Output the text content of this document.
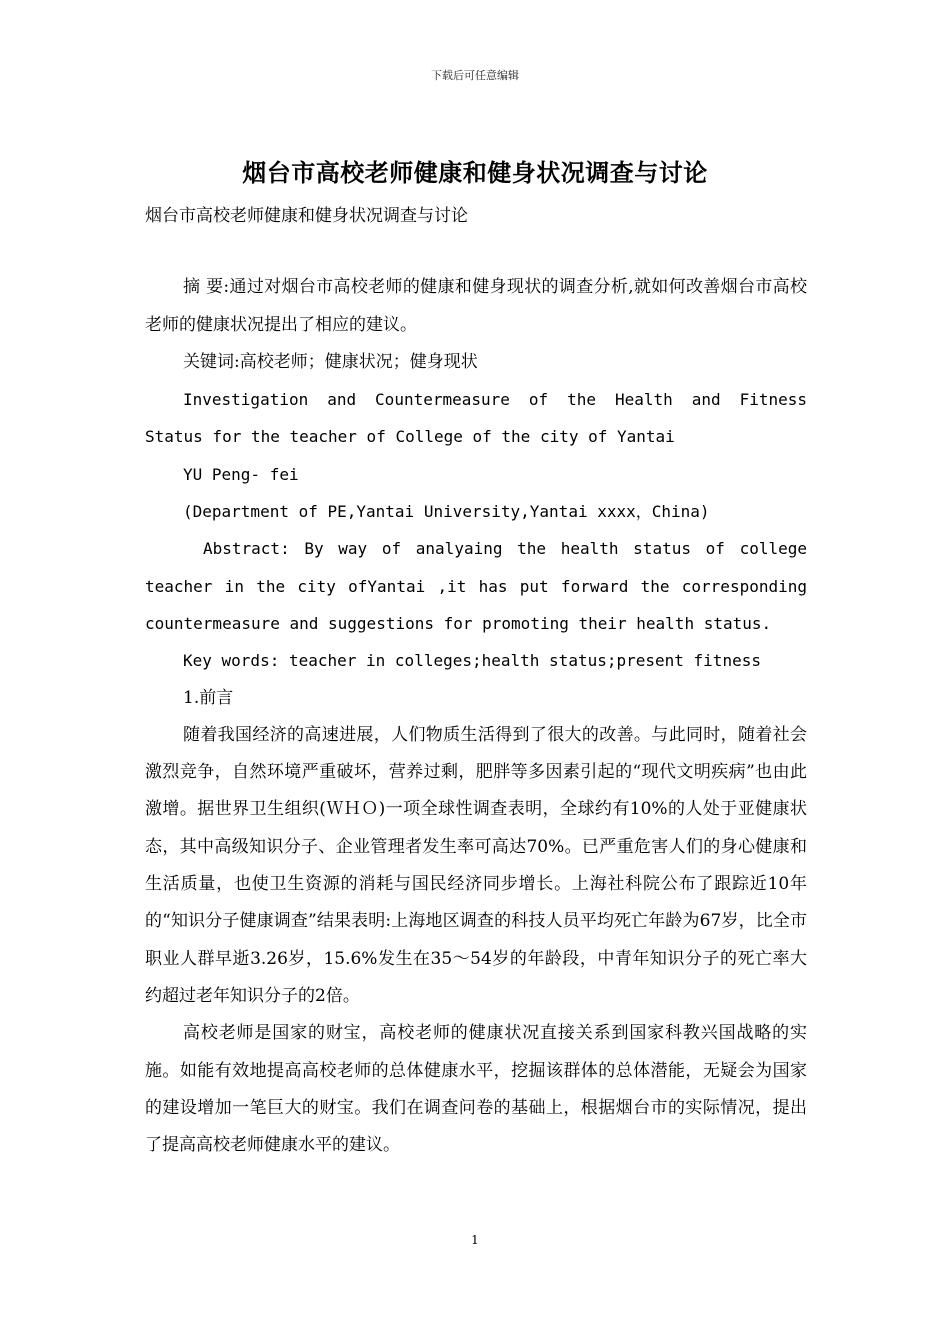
下载后可任意编辑
烟台市高校老师健康和健身状况调查与讨论

烟台市高校老师健康和健身状况调查与讨论

摘 要:通过对烟台市高校老师的健康和健身现状的调查分析,就如何改善烟台市高校老师的健康状况提出了相应的建议。

关键词:高校老师；健康状况；健身现状

Investigation and Countermeasure of the Health and Fitness Status for the teacher of College of the city of Yantai

YU Peng- fei

(Department of PE,Yantai University,Yantai xxxx，China)

Abstract: By way of analyaing the health status of college teacher in the city ofYantai ,it has put forward the corresponding countermeasure and suggestions for promoting their health status.

Key words: teacher in colleges;health status;present fitness

1.前言

随着我国经济的高速进展，人们物质生活得到了很大的改善。与此同时，随着社会激烈竞争，自然环境严重破坏，营养过剩，肥胖等多因素引起的“现代文明疾病”也由此激增。据世界卫生组织(ＷＨＯ)一项全球性调查表明，全球约有10%的人处于亚健康状态，其中高级知识分子、企业管理者发生率可高达70%。已严重危害人们的身心健康和生活质量，也使卫生资源的消耗与国民经济同步增长。上海社科院公布了跟踪近10年的“知识分子健康调查”结果表明:上海地区调查的科技人员平均死亡年龄为67岁，比全市职业人群早逝3.26岁，15.6%发生在35～54岁的年龄段，中青年知识分子的死亡率大约超过老年知识分子的2倍。

高校老师是国家的财宝，高校老师的健康状况直接关系到国家科教兴国战略的实施。如能有效地提高高校老师的总体健康水平，挖掘该群体的总体潜能，无疑会为国家的建设增加一笔巨大的财宝。我们在调查问卷的基础上，根据烟台市的实际情况，提出了提高高校老师健康水平的建议。

1
